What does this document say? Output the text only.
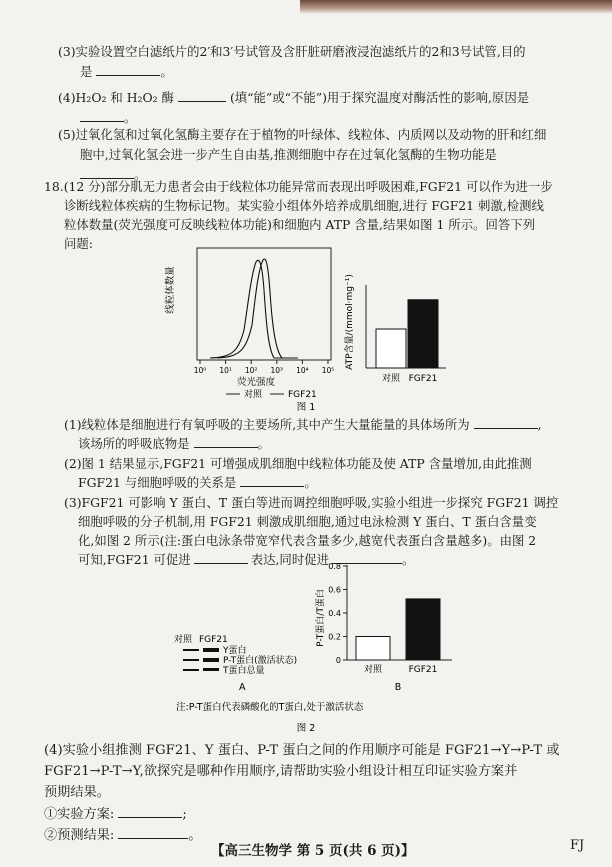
(3)实验设置空白滤纸片的2′和3′号试管及含肝脏研磨液浸泡滤纸片的2和3号试管,目的
是	。
(4)H₂O₂ 和 H₂O₂ 酶	(填“能”或“不能”)用于探究温度对酶活性的影响,原因是
。
(5)过氧化氢和过氧化氢酶主要存在于植物的叶绿体、线粒体、内质网以及动物的肝和红细
胞中,过氧化氢会进一步产生自由基,推测细胞中存在过氧化氢酶的生物功能是
。
18.(12 分)部分肌无力患者会由于线粒体功能异常而表现出呼吸困难,FGF21 可以作为进一步
诊断线粒体疾病的生物标记物。某实验小组体外培养成肌细胞,进行 FGF21 刺激,检测线
粒体数量(荧光强度可反映线粒体功能)和细胞内 ATP 含量,结果如图 1 所示。回答下列
问题:
线粒体数量
10⁰ 10¹ 10² 10³ 10⁴ 10⁵
荧光强度
对照	FGF21
ATP含量/(mmol·mg⁻¹)
对照 FGF21
图 1
(1)线粒体是细胞进行有氧呼吸的主要场所,其中产生大量能量的具体场所为	,
该场所的呼吸底物是	。
(2)图 1 结果显示,FGF21 可增强成肌细胞中线粒体功能及使 ATP 含量增加,由此推测
FGF21 与细胞呼吸的关系是	。
(3)FGF21 可影响 Y 蛋白、T 蛋白等进而调控细胞呼吸,实验小组进一步探究 FGF21 调控
细胞呼吸的分子机制,用 FGF21 刺激成肌细胞,通过电泳检测 Y 蛋白、T 蛋白含量变
化,如图 2 所示(注:蛋白电泳条带宽窄代表含量多少,越宽代表蛋白含量越多)。由图 2
可知,FGF21 可促进	表达,同时促进	。
对照 FGF21
Y蛋白
P-T蛋白(激活状态)
T蛋白总量
A
P-T蛋白/T蛋白
0
0.2
0.4
0.6
0.8
对照	FGF21
B
注:P-T蛋白代表磷酸化的T蛋白,处于激活状态
图 2
(4)实验小组推测 FGF21、Y 蛋白、P-T 蛋白之间的作用顺序可能是 FGF21→Y→P-T 或
FGF21→P-T→Y,欲探究是哪种作用顺序,请帮助实验小组设计相互印证实验方案并
预期结果。
①实验方案:	;
②预测结果:	。
【高三生物学 第 5 页(共 6 页)】	FJ
